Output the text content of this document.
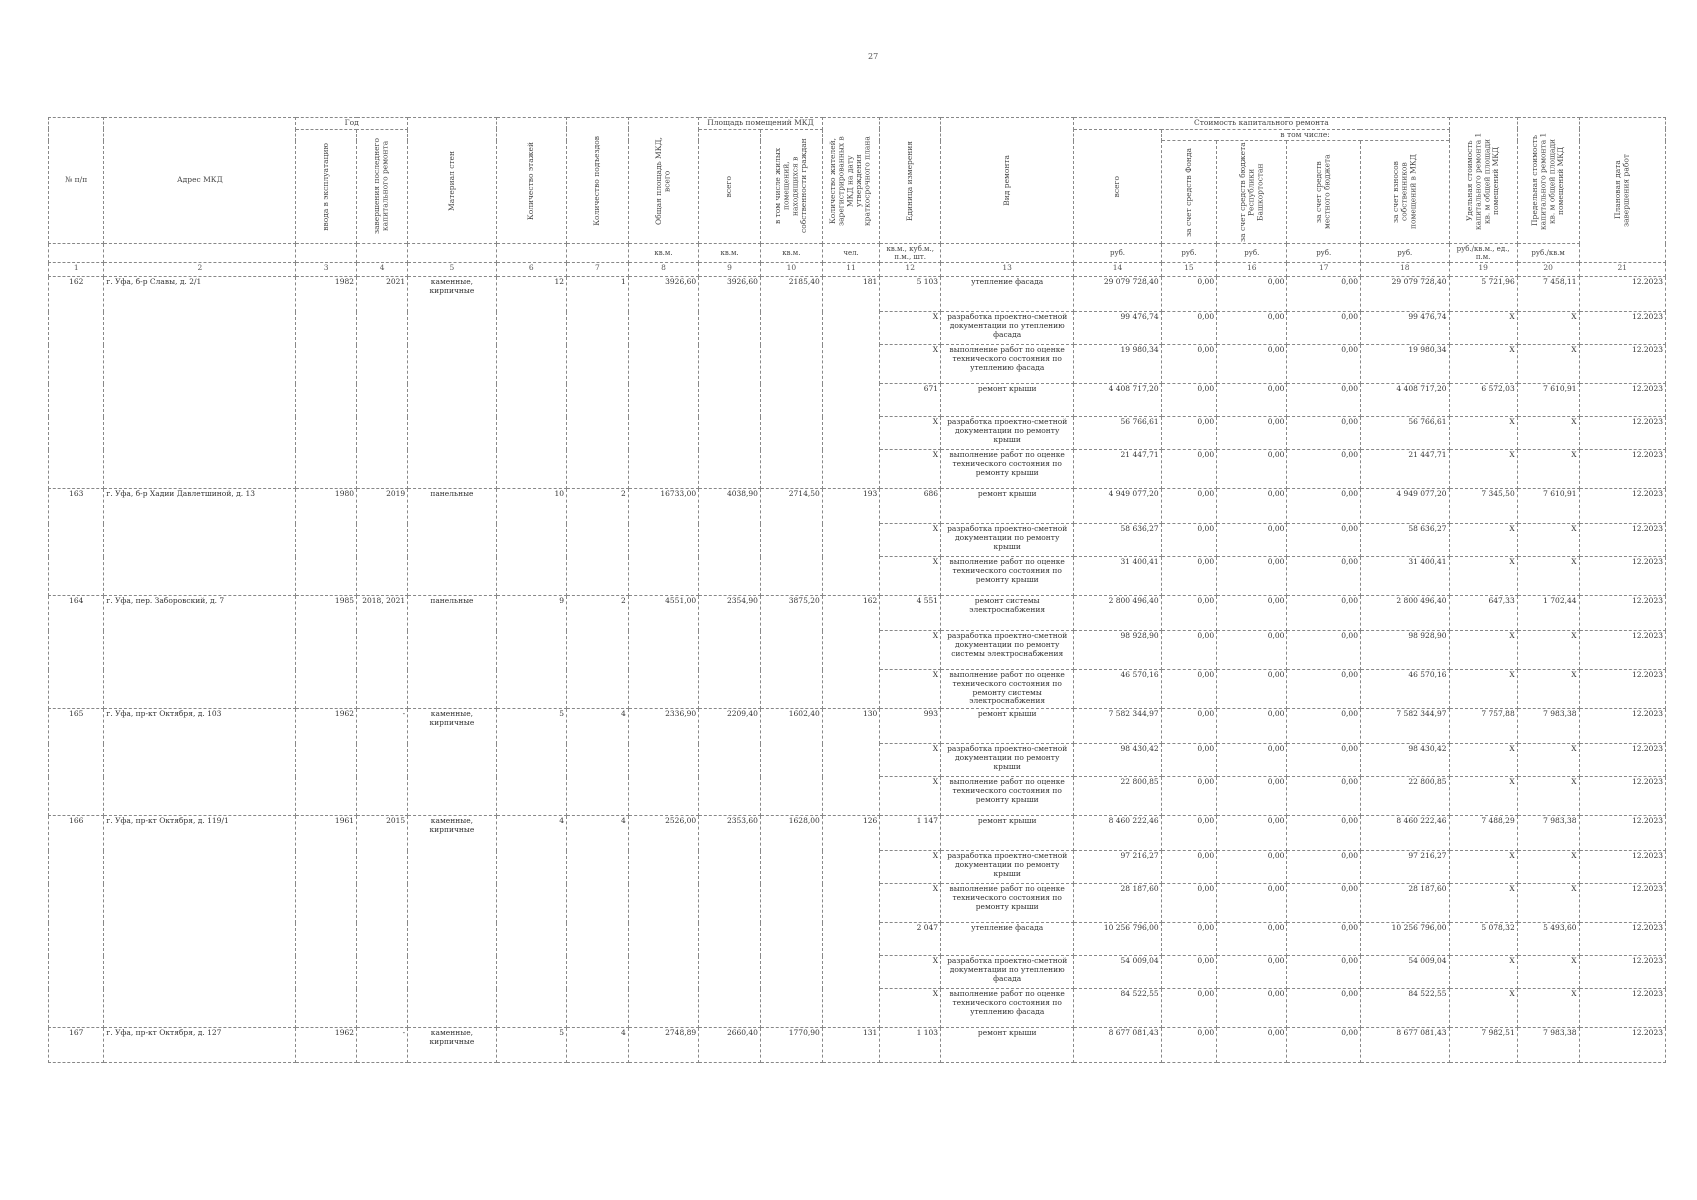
27
№ п/п	Адрес МКД	Год		Материал стен	Количество этажей	Количество подъездов	Общая площадь МКД, всего	Площадь помещений МКД		Количество жителей, зарегистрированных в МКД на дату утверждения краткосрочного плана	Единица измерения	Вид ремонта	Стоимость капитального ремонта					Удельная стоимость капитального ремонта 1 кв. м общей площади помещений МКД	Предельная стоимость капитального ремонта 1 кв. м общей площади помещений МКД	Плановая дата завершения работ

		ввода в эксплуатацию	завершения последнего капитального ремонта					всего	в том числе жилых помещений, находящихся в собственности граждан				всего	в том числе:						

														за счет средств Фонда	за счет средств бюджета Республики Башкортостан	за счет средств местного бюджета	за счет взносов собственников помещений в МКД			

							кв.м.	кв.м.	кв.м.	чел.	кв.м., куб.м., п.м., шт.		руб.	руб.	руб.	руб.	руб.	руб./кв.м., ед., п.м.	руб./кв.м	
1	2	3	4	5	6	7	8	9	10	11	12	13	14	15	16	17	18	19	20	21
162	г. Уфа, б-р Славы, д. 2/1	1982	2021	каменные, кирпичные	12	1	3926,60	3926,60	2185,40	181	5 103	утепление фасада	29 079 728,40	0,00	0,00	0,00	29 079 728,40	5 721,96	7 458,11	12.2023
											X	разработка проектно-сметной документации по утеплению фасада	99 476,74	0,00	0,00	0,00	99 476,74	X	X	12.2023
											X	выполнение работ по оценке технического состояния по утеплению фасада	19 980,34	0,00	0,00	0,00	19 980,34	X	X	12.2023
											671	ремонт крыши	4 408 717,20	0,00	0,00	0,00	4 408 717,20	6 572,03	7 610,91	12.2023
											X	разработка проектно-сметной документации по ремонту крыши	56 766,61	0,00	0,00	0,00	56 766,61	X	X	12.2023
											X	выполнение работ по оценке технического состояния по ремонту крыши	21 447,71	0,00	0,00	0,00	21 447,71	X	X	12.2023
163	г. Уфа, б-р Хадии Давлетшиной, д. 13	1980	2019	панельные	10	2	16733,00	4038,90	2714,50	193	686	ремонт крыши	4 949 077,20	0,00	0,00	0,00	4 949 077,20	7 345,50	7 610,91	12.2023
											X	разработка проектно-сметной документации по ремонту крыши	58 636,27	0,00	0,00	0,00	58 636,27	X	X	12.2023
											X	выполнение работ по оценке технического состояния по ремонту крыши	31 400,41	0,00	0,00	0,00	31 400,41	X	X	12.2023
164	г. Уфа, пер. Заборовский, д. 7	1985	2018, 2021	панельные	9	2	4551,00	2354,90	3875,20	162	4 551	ремонт системы электроснабжения	2 800 496,40	0,00	0,00	0,00	2 800 496,40	647,33	1 702,44	12.2023
											X	разработка проектно-сметной документации по ремонту системы электроснабжения	98 928,90	0,00	0,00	0,00	98 928,90	X	X	12.2023
											X	выполнение работ по оценке технического состояния по ремонту системы электроснабжения	46 570,16	0,00	0,00	0,00	46 570,16	X	X	12.2023
165	г. Уфа, пр-кт Октября, д. 103	1962	-	каменные, кирпичные	5	4	2336,90	2209,40	1602,40	130	993	ремонт крыши	7 582 344,97	0,00	0,00	0,00	7 582 344,97	7 757,88	7 983,38	12.2023
											X	разработка проектно-сметной документации по ремонту крыши	98 430,42	0,00	0,00	0,00	98 430,42	X	X	12.2023
											X	выполнение работ по оценке технического состояния по ремонту крыши	22 800,85	0,00	0,00	0,00	22 800,85	X	X	12.2023
166	г. Уфа, пр-кт Октября, д. 119/1	1961	2015	каменные, кирпичные	4	4	2526,00	2353,60	1628,00	126	1 147	ремонт крыши	8 460 222,46	0,00	0,00	0,00	8 460 222,46	7 488,29	7 983,38	12.2023
											X	разработка проектно-сметной документации по ремонту крыши	97 216,27	0,00	0,00	0,00	97 216,27	X	X	12.2023
											X	выполнение работ по оценке технического состояния по ремонту крыши	28 187,60	0,00	0,00	0,00	28 187,60	X	X	12.2023
											2 047	утепление фасада	10 256 796,00	0,00	0,00	0,00	10 256 796,00	5 078,32	5 493,60	12.2023
											X	разработка проектно-сметной документации по утеплению фасада	54 009,04	0,00	0,00	0,00	54 009,04	X	X	12.2023
											X	выполнение работ по оценке технического состояния по утеплению фасада	84 522,55	0,00	0,00	0,00	84 522,55	X	X	12.2023
167	г. Уфа, пр-кт Октября, д. 127	1962	-	каменные, кирпичные	5	4	2748,89	2660,40	1770,90	131	1 103	ремонт крыши	8 677 081,43	0,00	0,00	0,00	8 677 081,43	7 982,51	7 983,38	12.2023
